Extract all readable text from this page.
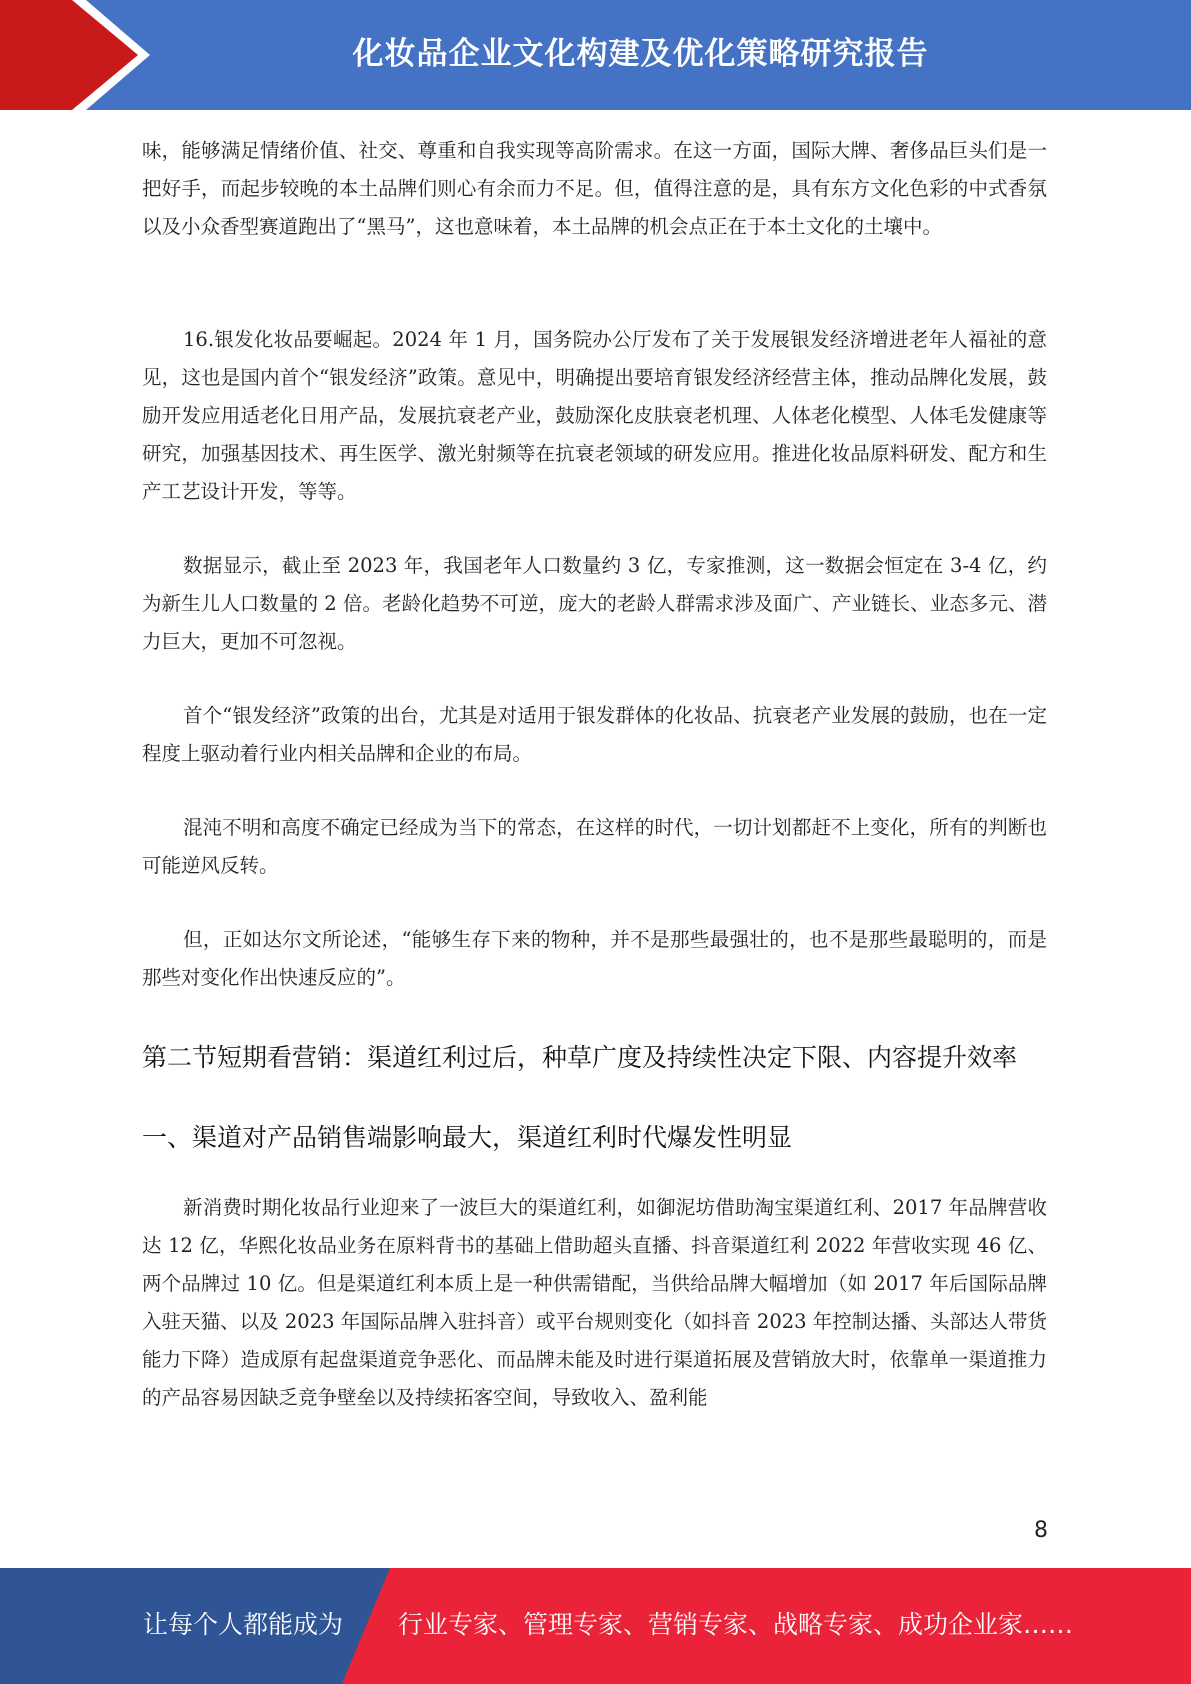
化妆品企业文化构建及优化策略研究报告

味，能够满足情绪价值、社交、尊重和自我实现等高阶需求。在这一方面，国际大牌、奢侈品巨头们是一把好手，而起步较晚的本土品牌们则心有余而力不足。但，值得注意的是，具有东方文化色彩的中式香氛以及小众香型赛道跑出了“黑马”，这也意味着，本土品牌的机会点正在于本土文化的土壤中。

16.银发化妆品要崛起。2024 年 1 月，国务院办公厅发布了关于发展银发经济增进老年人福祉的意见，这也是国内首个“银发经济”政策。意见中，明确提出要培育银发经济经营主体，推动品牌化发展，鼓励开发应用适老化日用产品，发展抗衰老产业，鼓励深化皮肤衰老机理、人体老化模型、人体毛发健康等研究，加强基因技术、再生医学、激光射频等在抗衰老领域的研发应用。推进化妆品原料研发、配方和生产工艺设计开发，等等。

数据显示，截止至 2023 年，我国老年人口数量约 3 亿，专家推测，这一数据会恒定在 3-4 亿，约为新生儿人口数量的 2 倍。老龄化趋势不可逆，庞大的老龄人群需求涉及面广、产业链长、业态多元、潜力巨大，更加不可忽视。

首个“银发经济”政策的出台，尤其是对适用于银发群体的化妆品、抗衰老产业发展的鼓励，也在一定程度上驱动着行业内相关品牌和企业的布局。

混沌不明和高度不确定已经成为当下的常态，在这样的时代，一切计划都赶不上变化，所有的判断也可能逆风反转。

但，正如达尔文所论述，“能够生存下来的物种，并不是那些最强壮的，也不是那些最聪明的，而是那些对变化作出快速反应的”。

第二节短期看营销：渠道红利过后，种草广度及持续性决定下限、内容提升效率
一、渠道对产品销售端影响最大，渠道红利时代爆发性明显

新消费时期化妆品行业迎来了一波巨大的渠道红利，如御泥坊借助淘宝渠道红利、2017 年品牌营收达 12 亿，华熙化妆品业务在原料背书的基础上借助超头直播、抖音渠道红利 2022 年营收实现 46 亿、两个品牌过 10 亿。但是渠道红利本质上是一种供需错配，当供给品牌大幅增加（如 2017 年后国际品牌入驻天猫、以及 2023 年国际品牌入驻抖音）或平台规则变化（如抖音 2023 年控制达播、头部达人带货能力下降）造成原有起盘渠道竞争恶化、而品牌未能及时进行渠道拓展及营销放大时，依靠单一渠道推力的产品容易因缺乏竞争壁垒以及持续拓客空间，导致收入、盈利能

8
让每个人都能成为 行业专家、管理专家、营销专家、战略专家、成功企业家……
